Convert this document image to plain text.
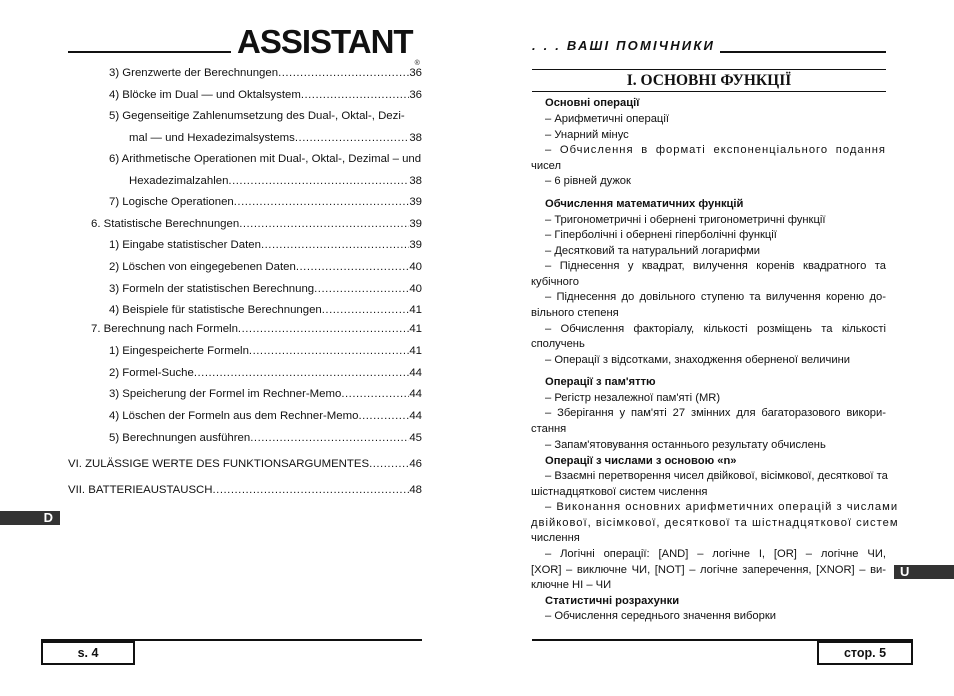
ASSISTANT®
3) Grenzwerte der Berechnungen .....	36
4) Blöcke im Dual — und Oktalsystem .....	36
5) Gegenseitige Zahlenumsetzung des Dual-, Oktal-, Dezi-
mal — und Hexadezimalsystems .....	38
6) Arithmetische Operationen mit Dual-, Oktal-, Dezimal – und
Hexadezimalzahlen .....	38
7) Logische Operationen .....	39
6. Statistische Berechnungen .....	39
1) Eingabe statistischer Daten .....	39
2) Löschen von eingegebenen Daten .....	40
3) Formeln der statistischen Berechnung .....	40
4) Beispiele für statistische Berechnungen .....	41
7. Berechnung nach Formeln .....	41
1) Eingespeicherte Formeln .....	41
2) Formel-Suche .....	44
3) Speicherung der Formel im Rechner-Memo .....	44
4) Löschen der Formeln aus dem Rechner-Memo .....	44
5) Berechnungen ausführen .....	45
VI. ZULÄSSIGE WERTE DES FUNKTIONSARGUMENTES .....	46
VII. BATTERIEAUSTAUSCH .....	48
D
s. 4
. . . ВАШІ ПОМІЧНИКИ
I. ОСНОВНІ ФУНКЦІЇ
Основні операції
– Арифметичні операції
– Унарний мінус
– Обчислення в форматі експоненціального подання
чисел
– 6 рівней дужок
Обчислення математичних функцій
– Тригонометричні і обернені тригонометричні функції
– Гіперболічні і обернені гіперболічні функції
– Десятковий та натуральний логарифми
– Піднесення у квадрат, вилучення коренів квадратного та
кубічного
– Піднесення до довільного ступеню та вилучення кореню до-
вільного степеня
– Обчислення факторіалу, кількості розміщень та кількості
сполучень
– Операції з відсотками, знаходження оберненої величини
Операції з пам'яттю
– Регістр незалежної пам'яті (MR)
– Зберігання у пам'яті 27 змінних для багаторазового викори-
стання
– Запам'ятовування останнього результату обчислень
Операції з числами з основою «n»
– Взаємні перетворення чисел двійкової, вісімкової, десяткової та
шістнадцяткової систем числення
– Виконання основних арифметичних операцій з числами
двійкової, вісімкової, десяткової та шістнадцяткової систем
числення
– Логічні операції: [AND] – логічне І, [OR] – логічне ЧИ,
[XOR] – виключне ЧИ, [NOT] – логічне заперечення, [XNOR] – ви-
ключне НІ – ЧИ
Статистичні розрахунки
– Обчислення середнього значення виборки
U
стор. 5
